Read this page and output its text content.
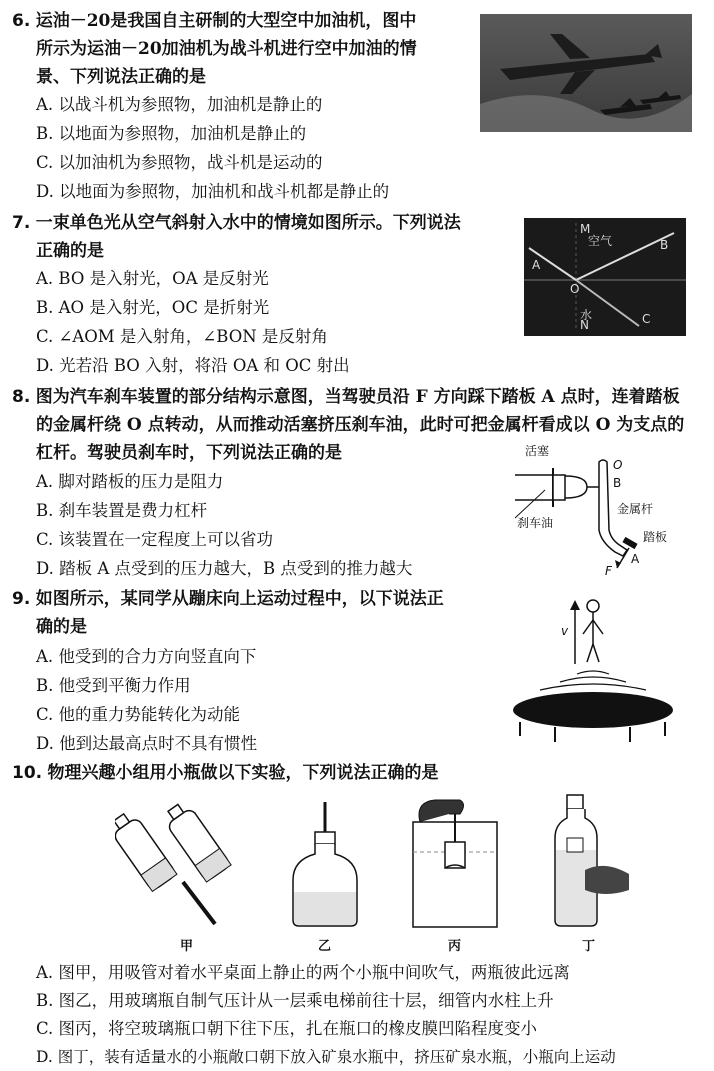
6. 运油－20是我国自主研制的大型空中加油机，图中
所示为运油－20加油机为战斗机进行空中加油的情
景、下列说法正确的是
A. 以战斗机为参照物，加油机是静止的
B. 以地面为参照物，加油机是静止的
C. 以加油机为参照物，战斗机是运动的
D. 以地面为参照物，加油机和战斗机都是静止的
7. 一束单色光从空气斜射入水中的情境如图所示。下列说法
正确的是
A. BO 是入射光，OA 是反射光
B. AO 是入射光，OC 是折射光
C. ∠AOM 是入射角，∠BON 是反射角
D. 光若沿 BO 入射，将沿 OA 和 OC 射出
空气
水
O
A
B
C
M
N
8. 图为汽车刹车装置的部分结构示意图，当驾驶员沿 F 方向踩下踏板 A 点时，连着踏板
的金属杆绕 O 点转动，从而推动活塞挤压刹车油，此时可把金属杆看成以 O 为支点的
杠杆。驾驶员刹车时，下列说法正确的是
A. 脚对踏板的压力是阻力
B. 刹车装置是费力杠杆
C. 该装置在一定程度上可以省功
D. 踏板 A 点受到的压力越大，B 点受到的推力越大
活塞
刹车油
金属杆
踏板
O
B
A
F
9. 如图所示，某同学从蹦床向上运动过程中，以下说法正
确的是
A. 他受到的合力方向竖直向下
B. 他受到平衡力作用
C. 他的重力势能转化为动能
D. 他到达最高点时不具有惯性
v
10. 物理兴趣小组用小瓶做以下实验，下列说法正确的是
甲	乙	丙	丁
A. 图甲，用吸管对着水平桌面上静止的两个小瓶中间吹气，两瓶彼此远离
B. 图乙，用玻璃瓶自制气压计从一层乘电梯前往十层，细管内水柱上升
C. 图丙，将空玻璃瓶口朝下往下压，扎在瓶口的橡皮膜凹陷程度变小
D. 图丁，装有适量水的小瓶敞口朝下放入矿泉水瓶中，挤压矿泉水瓶，小瓶向上运动
